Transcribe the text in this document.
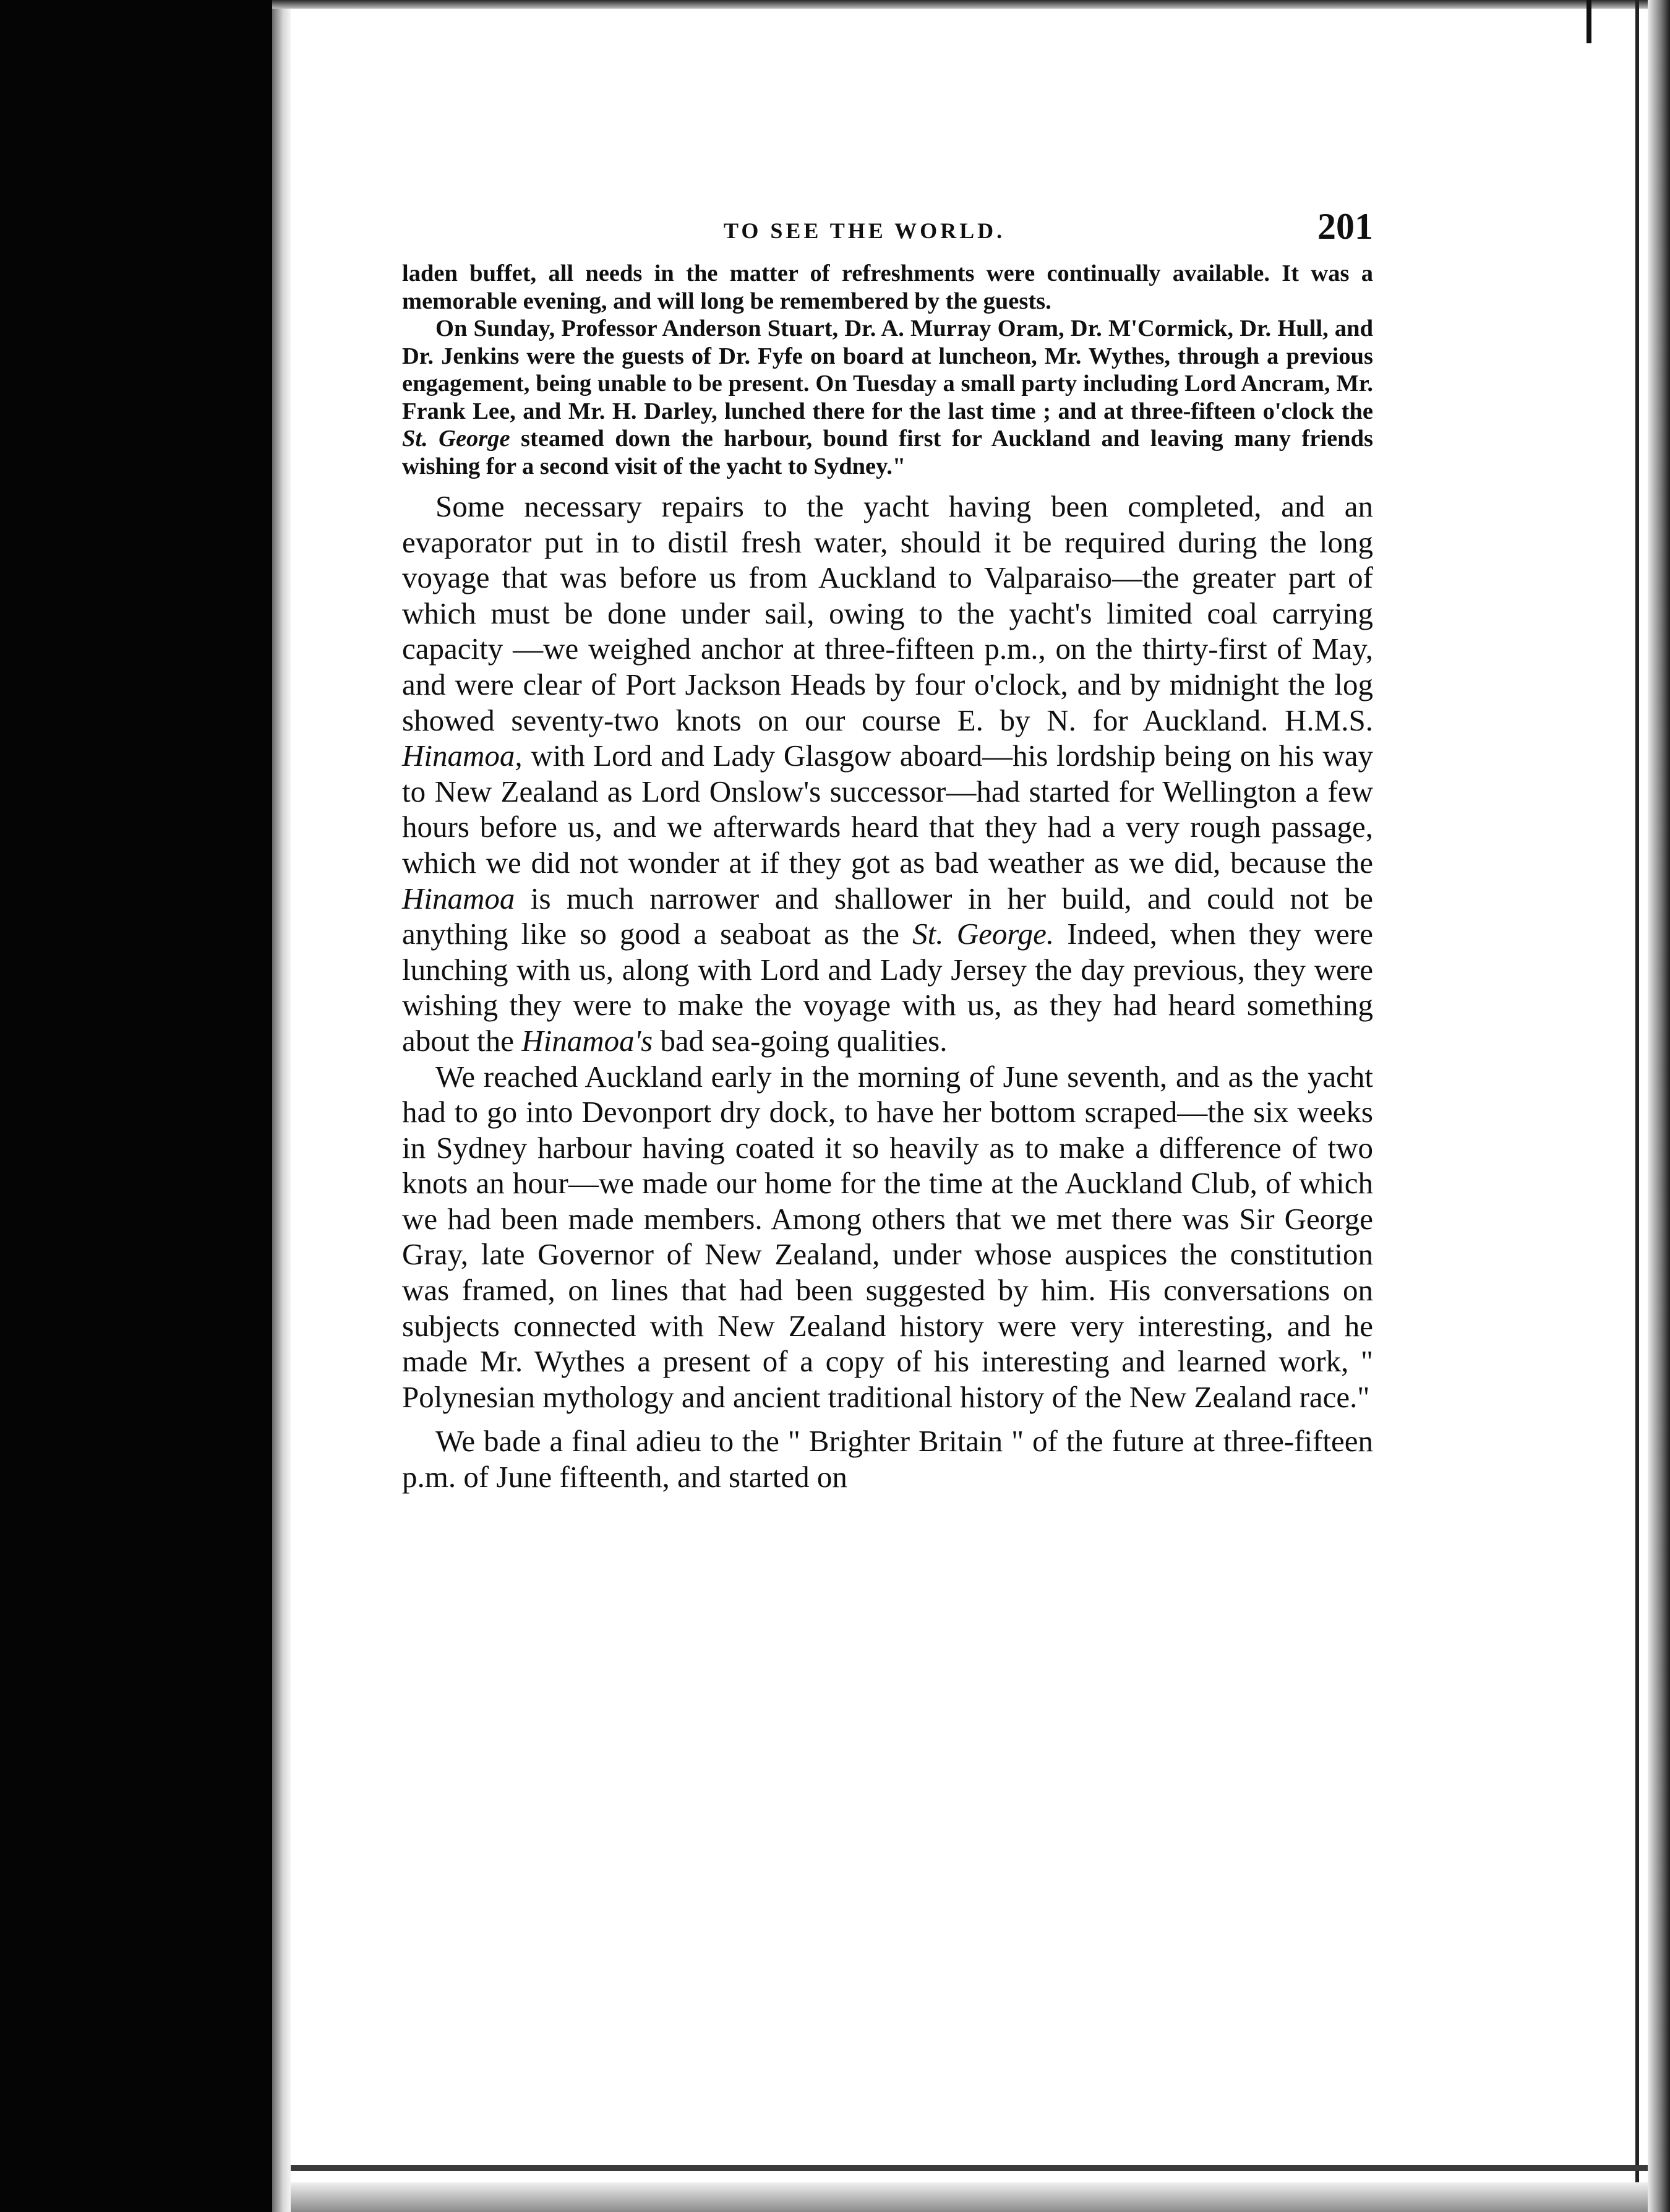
TO SEE THE WORLD.	201

laden buffet, all needs in the matter of refreshments were continually available. It was a memorable evening, and will long be remembered by the guests.

On Sunday, Professor Anderson Stuart, Dr. A. Murray Oram, Dr. M'Cormick, Dr. Hull, and Dr. Jenkins were the guests of Dr. Fyfe on board at luncheon, Mr. Wythes, through a previous engagement, being unable to be present. On Tuesday a small party including Lord Ancram, Mr. Frank Lee, and Mr. H. Darley, lunched there for the last time ; and at three-fifteen o'clock the St. George steamed down the harbour, bound first for Auckland and leaving many friends wishing for a second visit of the yacht to Sydney."

Some necessary repairs to the yacht having been completed, and an evaporator put in to distil fresh water, should it be required during the long voyage that was before us from Auckland to Valparaiso—the greater part of which must be done under sail, owing to the yacht's limited coal carrying capacity —we weighed anchor at three-fifteen p.m., on the thirty-first of May, and were clear of Port Jackson Heads by four o'clock, and by midnight the log showed seventy-two knots on our course E. by N. for Auckland. H.M.S. Hinamoa, with Lord and Lady Glasgow aboard—his lordship being on his way to New Zealand as Lord Onslow's successor—had started for Wellington a few hours before us, and we afterwards heard that they had a very rough passage, which we did not wonder at if they got as bad weather as we did, because the Hinamoa is much narrower and shallower in her build, and could not be anything like so good a seaboat as the St. George. Indeed, when they were lunching with us, along with Lord and Lady Jersey the day previous, they were wishing they were to make the voyage with us, as they had heard something about the Hinamoa's bad sea-going qualities.

We reached Auckland early in the morning of June seventh, and as the yacht had to go into Devonport dry dock, to have her bottom scraped—the six weeks in Sydney harbour having coated it so heavily as to make a difference of two knots an hour—we made our home for the time at the Auckland Club, of which we had been made members. Among others that we met there was Sir George Gray, late Governor of New Zealand, under whose auspices the constitution was framed, on lines that had been suggested by him. His conversations on subjects connected with New Zealand history were very interesting, and he made Mr. Wythes a present of a copy of his interesting and learned work, " Polynesian mythology and ancient traditional history of the New Zealand race."

We bade a final adieu to the " Brighter Britain " of the future at three-fifteen p.m. of June fifteenth, and started on
